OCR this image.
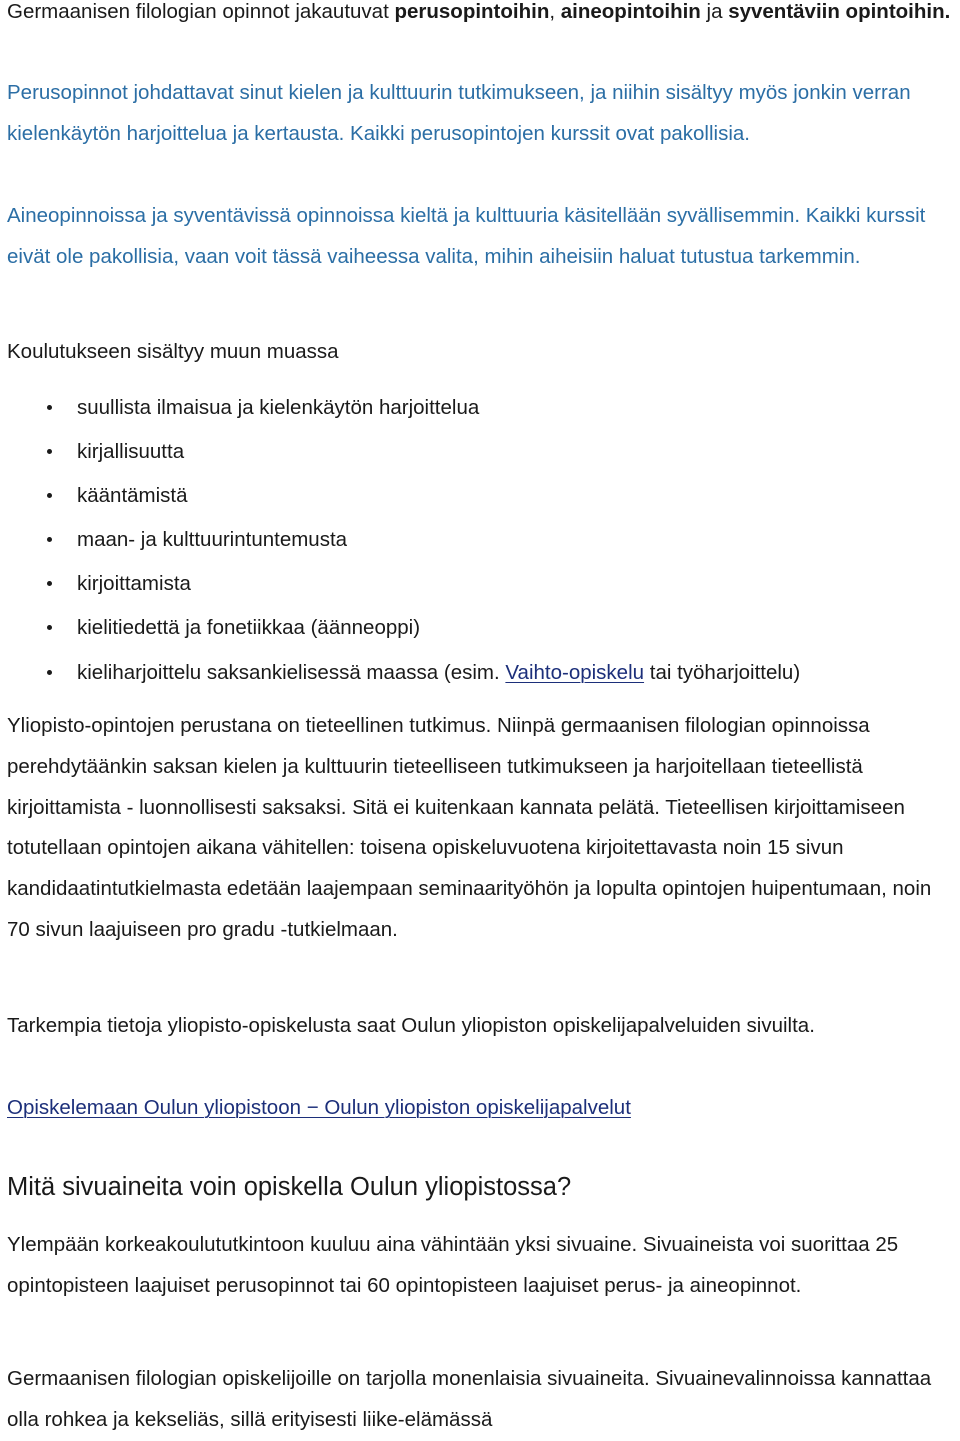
Germaanisen filologian opinnot jakautuvat perusopintoihin, aineopintoihin ja syventäviin opintoihin.

Perusopinnot johdattavat sinut kielen ja kulttuurin tutkimukseen, ja niihin sisältyy myös jonkin verran kielenkäytön harjoittelua ja kertausta. Kaikki perusopintojen kurssit ovat pakollisia.

Aineopinnoissa ja syventävissä opinnoissa kieltä ja kulttuuria käsitellään syvällisemmin. Kaikki kurssit eivät ole pakollisia, vaan voit tässä vaiheessa valita, mihin aiheisiin haluat tutustua tarkemmin.

Koulutukseen sisältyy muun muassa

suullista ilmaisua ja kielenkäytön harjoittelua
kirjallisuutta
kääntämistä
maan- ja kulttuurintuntemusta
kirjoittamista
kielitiedettä ja fonetiikkaa (äänneoppi)
kieliharjoittelu saksankielisessä maassa (esim. Vaihto-opiskelu tai työharjoittelu)

Yliopisto-opintojen perustana on tieteellinen tutkimus. Niinpä germaanisen filologian opinnoissa perehdytäänkin saksan kielen ja kulttuurin tieteelliseen tutkimukseen ja harjoitellaan tieteellistä kirjoittamista - luonnollisesti saksaksi. Sitä ei kuitenkaan kannata pelätä. Tieteellisen kirjoittamiseen totutellaan opintojen aikana vähitellen: toisena opiskeluvuotena kirjoitettavasta noin 15 sivun kandidaatintutkielmasta edetään laajempaan seminaarityöhön ja lopulta opintojen huipentumaan, noin 70 sivun laajuiseen pro gradu -tutkielmaan.

Tarkempia tietoja yliopisto-opiskelusta saat Oulun yliopiston opiskelijapalveluiden sivuilta.

Opiskelemaan Oulun yliopistoon − Oulun yliopiston opiskelijapalvelut

Mitä sivuaineita voin opiskella Oulun yliopistossa?

Ylempään korkeakoulututkintoon kuuluu aina vähintään yksi sivuaine. Sivuaineista voi suorittaa 25 opintopisteen laajuiset perusopinnot tai 60 opintopisteen laajuiset perus- ja aineopinnot.

Germaanisen filologian opiskelijoille on tarjolla monenlaisia sivuaineita. Sivuainevalinnoissa kannattaa olla rohkea ja kekseliäs, sillä erityisesti liike-elämässä
